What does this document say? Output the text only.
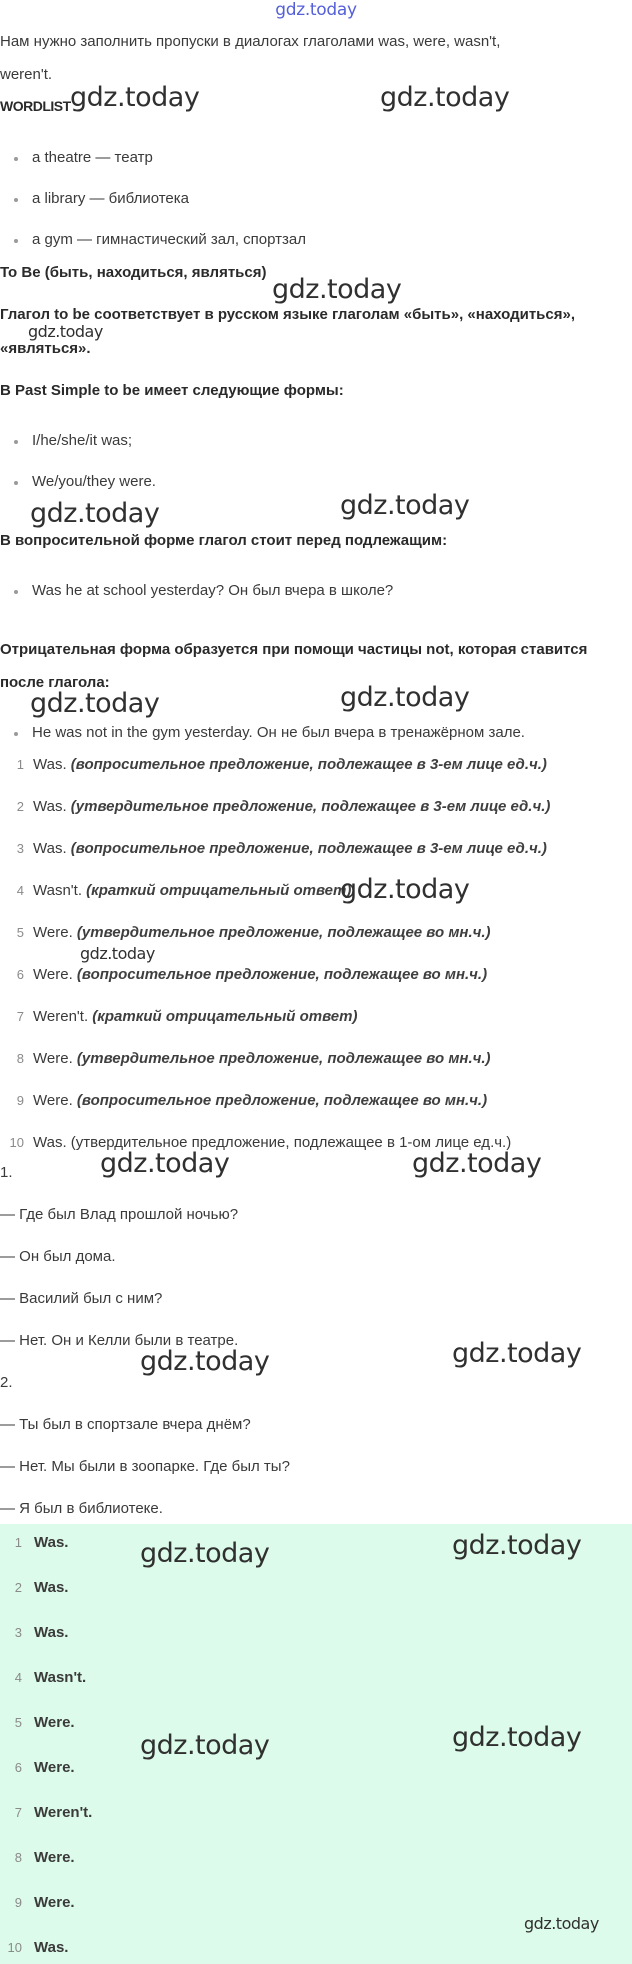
gdz.today
Нам нужно заполнить пропуски в диалогах глаголами was, were, wasn't,
weren't.
WORDLIST
a theatre — театр
a library — библиотека
a gym — гимнастический зал, спортзал
To Be (быть, находиться, являться)
Глагол to be соответствует в русском языке глаголам «быть», «находиться»,
«являться».
В Past Simple to be имеет следующие формы:
I/he/she/it was;
We/you/they were.
В вопросительной форме глагол стоит перед подлежащим:
Was he at school yesterday? Он был вчера в школе?
Отрицательная форма образуется при помощи частицы not, которая ставится
после глагола:
He was not in the gym yesterday. Он не был вчера в тренажёрном зале.
1 Was. (вопросительное предложение, подлежащее в 3-ем лице ед.ч.)
2 Was. (утвердительное предложение, подлежащее в 3-ем лице ед.ч.)
3 Was. (вопросительное предложение, подлежащее в 3-ем лице ед.ч.)
4 Wasn't. (краткий отрицательный ответ)
5 Were. (утвердительное предложение, подлежащее во мн.ч.)
6 Were. (вопросительное предложение, подлежащее во мн.ч.)
7 Weren't. (краткий отрицательный ответ)
8 Were. (утвердительное предложение, подлежащее во мн.ч.)
9 Were. (вопросительное предложение, подлежащее во мн.ч.)
10 Was. (утвердительное предложение, подлежащее в 1-ом лице ед.ч.)
1.
— Где был Влад прошлой ночью?
— Он был дома.
— Василий был с ним?
— Нет. Он и Келли были в театре.
2.
— Ты был в спортзале вчера днём?
— Нет. Мы были в зоопарке. Где был ты?
— Я был в библиотеке.
1 Was.
2 Was.
3 Was.
4 Wasn't.
5 Were.
6 Were.
7 Weren't.
8 Were.
9 Were.
10 Was.
gdz.today	gdz.today
gdz.today
gdz.today
gdz.today	gdz.today
gdz.today	gdz.today
gdz.today
gdz.today
gdz.today	gdz.today
gdz.today	gdz.today
gdz.today	gdz.today
gdz.today	gdz.today
gdz.today
